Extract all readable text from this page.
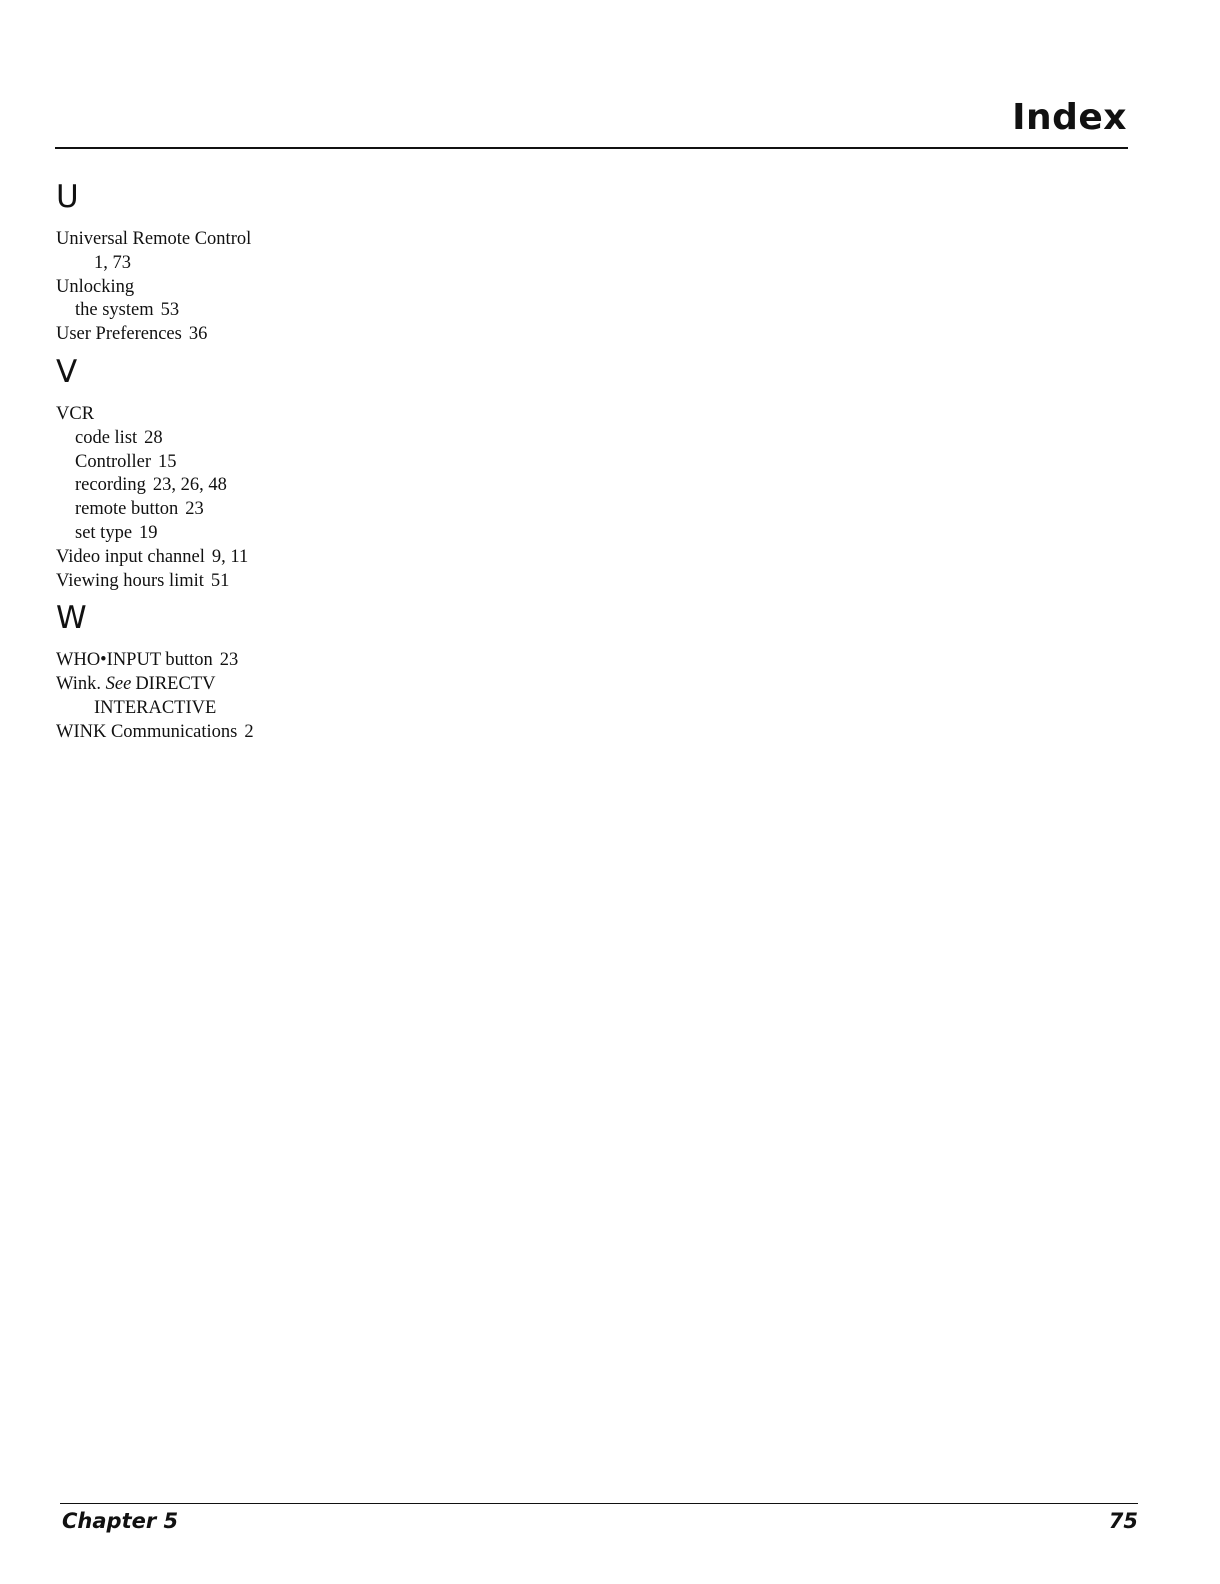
Index
U
Universal Remote Control
1, 73
Unlocking
the system 53
User Preferences 36
V
VCR
code list 28
Controller 15
recording 23, 26, 48
remote button 23
set type 19
Video input channel 9, 11
Viewing hours limit 51
W
WHO•INPUT button 23
Wink. See DIRECTV
INTERACTIVE
WINK Communications 2
Chapter 5	75
